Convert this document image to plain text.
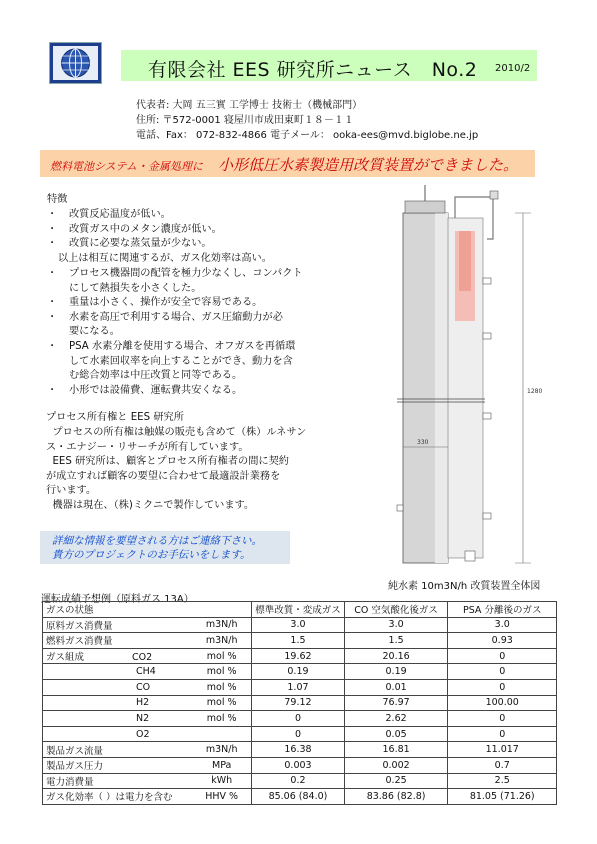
有限会社 EES 研究所ニュース　No.2 2010/2
代表者: 大岡 五三實 工学博士 技術士（機械部門）
住所: 〒572-0001 寝屋川市成田東町１８－１１
電話、Fax： 072-832-4866 電子メール： ooka-ees@mvd.biglobe.ne.jp
燃料電池システム・金属処理に 小形低圧水素製造用改質装置ができました。
特徴
・ 改質反応温度が低い。
・ 改質ガス中のメタン濃度が低い。
・ 改質に必要な蒸気量が少ない。
以上は相互に関連するが、ガス化効率は高い。
・ プロセス機器間の配管を極力少なくし、コンパクト
にして熱損失を小さくした。
・ 重量は小さく、操作が安全で容易である。
・ 水素を高圧で利用する場合、ガス圧縮動力が必
要になる。
・ PSA 水素分離を使用する場合、オフガスを再循環
して水素回収率を向上することができ、動力を含
む総合効率は中圧改質と同等である。
・ 小形では設備費、運転費共安くなる。
プロセス所有権と EES 研究所
プロセスの所有権は触媒の販売も含めて（株）ルネサン
ス・エナジー・リサーチが所有しています。
EES 研究所は、顧客とプロセス所有権者の間に契約
が成立すれば顧客の要望に合わせて最適設計業務を
行います。
機器は現在、（株)ミクニで製作しています。
詳細な情報を要望される方はご連絡下さい。
貴方のプロジェクトのお手伝いをします。
1280
330
純水素 10m3N/h 改質装置全体図
運転成績予想例（原料ガス 13A）
ガスの状態		標準改質・変成ガス	CO 空気酸化後ガス	PSA 分離後のガス
原料ガス消費量	m3N/h	3.0	3.0	3.0
燃料ガス消費量	m3N/h	1.5	1.5	0.93
ガス組成 CO2	mol %	19.62	20.16	0
CH4	mol %	0.19	0.19	0
CO	mol %	1.07	0.01	0
H2	mol %	79.12	76.97	100.00
N2	mol %	0	2.62	0
O2		0	0.05	0
製品ガス流量	m3N/h	16.38	16.81	11.017
製品ガス圧力	MPa	0.003	0.002	0.7
電力消費量	kWh	0.2	0.25	2.5
ガス化効率（ ）は電力を含む	HHV %	85.06 (84.0)	83.86 (82.8)	81.05 (71.26)
